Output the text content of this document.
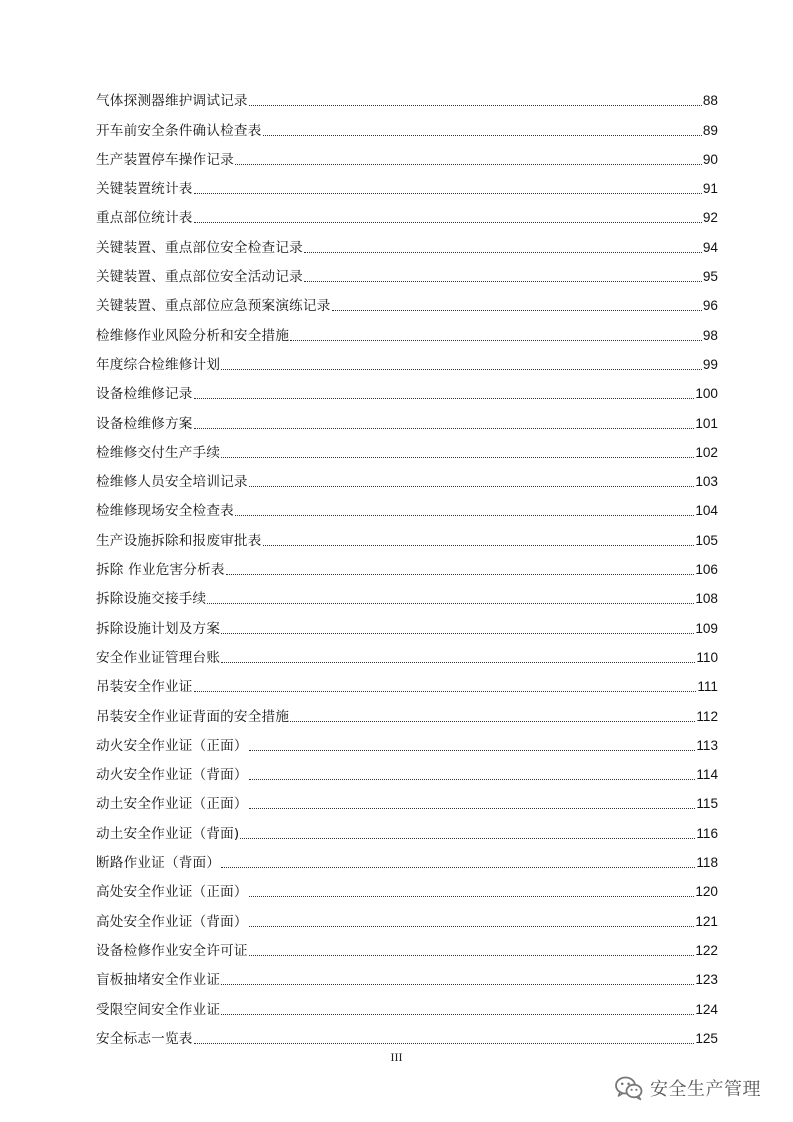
气体探测器维护调试记录	88
开车前安全条件确认检查表	89
生产装置停车操作记录	90
关键装置统计表	91
重点部位统计表	92
关键装置、重点部位安全检查记录	94
关键装置、重点部位安全活动记录	95
关键装置、重点部位应急预案演练记录	96
检维修作业风险分析和安全措施	98
年度综合检维修计划	99
设备检维修记录	100
设备检维修方案	101
检维修交付生产手续	102
检维修人员安全培训记录	103
检维修现场安全检查表	104
生产设施拆除和报废审批表	105
拆除 作业危害分析表	106
拆除设施交接手续	108
拆除设施计划及方案	109
安全作业证管理台账	110
吊装安全作业证	111
吊装安全作业证背面的安全措施	112
动火安全作业证（正面）	113
动火安全作业证（背面）	114
动土安全作业证（正面）	115
动土安全作业证（背面)	116
断路作业证（背面）	118
高处安全作业证（正面）	120
高处安全作业证（背面）	121
设备检修作业安全许可证	122
盲板抽堵安全作业证	123
受限空间安全作业证	124
安全标志一览表	125
III
安全生产管理
